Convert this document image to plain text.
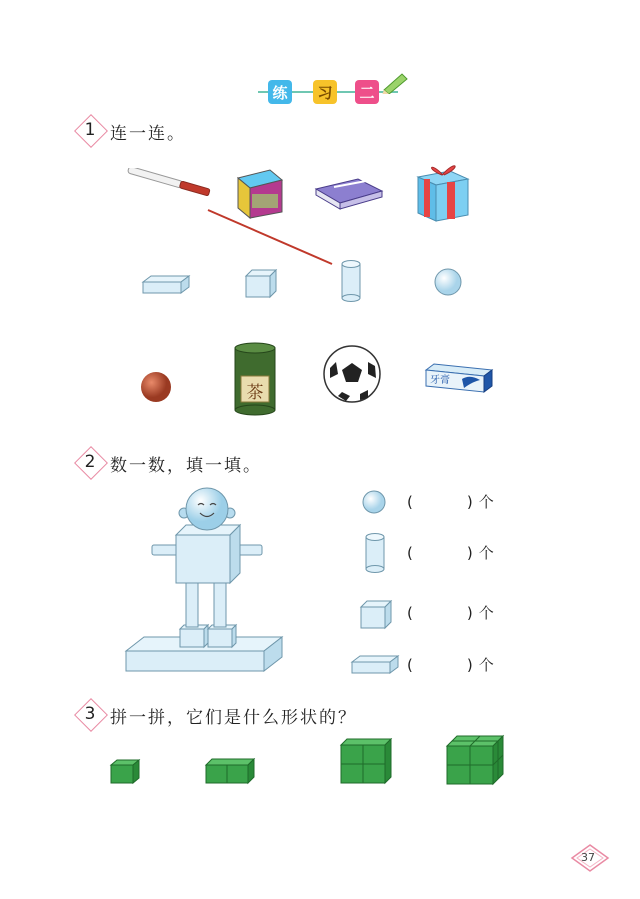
练	习	二
1 连一连。
茶
牙膏
2 数一数，填一填。
(	) 个
(	) 个
(	) 个
(	) 个
3 拼一拼，它们是什么形状的？
37
